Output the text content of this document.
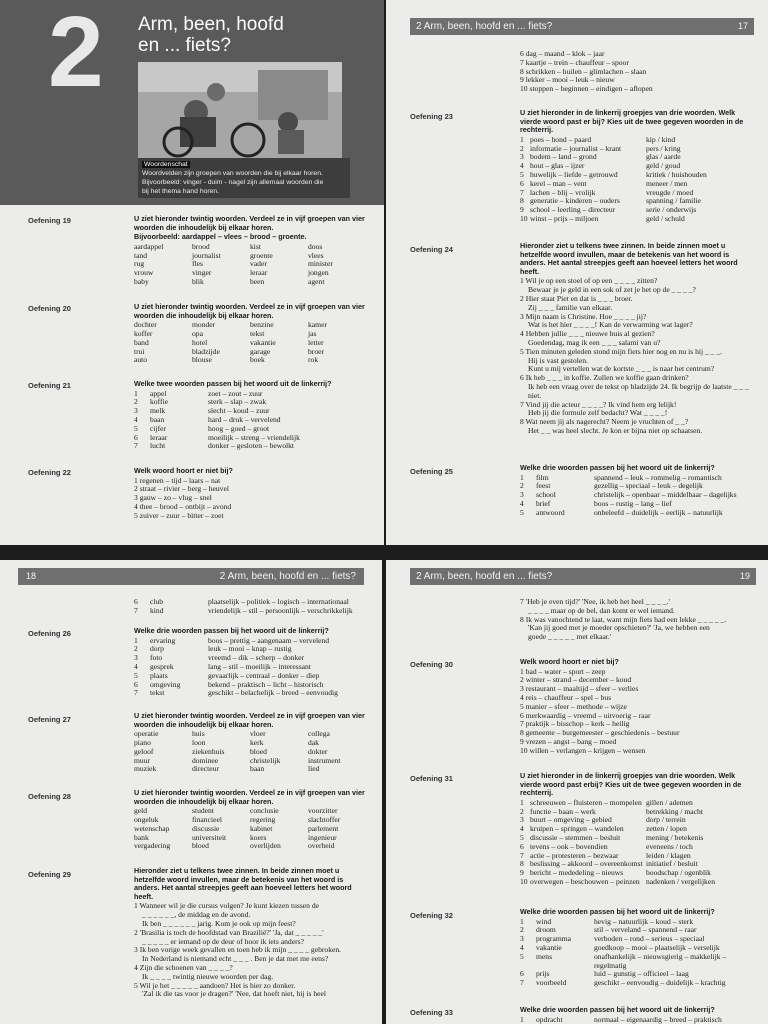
2 Arm, been, hoofd
en ... fiets?
Woordenschat
Woordvelden zijn groepen van woorden die bij elkaar horen.
Bijvoorbeeld: vinger - duim - nagel zijn allemaal woorden die
bij het thema hand horen.
Oefening 19	U ziet hieronder twintig woorden. Verdeel ze in vijf groepen van vier woorden die inhoudelijk bij elkaar horen.
Bijvoorbeeld: aardappel – vlees – brood – groente.
aardappel	brood	kist	doos
tand	journalist	groente	vlees
rug	fles	vader	minister
vrouw	vinger	leraar	jongen
baby	blik	been	agent
Oefening 20	U ziet hieronder twintig woorden. Verdeel ze in vijf groepen van vier woorden die inhoudelijk bij elkaar horen.
dochter	monder	benzine	kamer
koffer	opa	tekst	jas
band	hotel	vakantie	letter
trui	bladzijde	garage	broer
auto	blouse	boek	rok
Oefening 21	Welke twee woorden passen bij het woord uit de linkerrij?
1	appel	zoet – zout – zuur
2	koffie	sterk – slap – zwak
3	melk	slecht – koud – zuur
4	baan	hard – druk – vervelend
5	cijfer	hoog – goed – groot
6	leraar	moeilijk – streng – vriendelijk
7	lucht	donker – gesloten – bewolkt
Oefening 22	Welk woord hoort er niet bij?
1 regenen – tijd – laars – nat
2 straat – rivier – berg – heuvel
3 gauw – zo – vlug – snel
4 thee – brood – ontbijt – avond
5 zuiver – zuur – bitter – zoet
2 Arm, been, hoofd en ... fiets?	17
6 dag – maand – klok – jaar
7 kaartje – trein – chauffeur – spoor
8 schrikken – huilen – glimlachen – slaan
9 lekker – mooi – leuk – nieuw
10 stoppen – beginnen – eindigen – aflopen
Oefening 23	U ziet hieronder in de linkerrij groepjes van drie woorden. Welk vierde woord past er bij? Kies uit de twee gegeven woorden in de rechterrij.
1 poes – hond – paard	kip / kind
2 informatie – journalist – krant	pers / kring
3 bodem – land – grond	glas / aarde
4 hout – glas – ijzer	geld / goud
5 huwelijk – liefde – getrouwd	kritiek / huishouden
6 kerel – man – vent	meneer / men
7 lachen – blij – vrolijk	vreugde / moed
8 generatie – kinderen – ouders	spanning / familie
9 school – leerling – directeur	serie / onderwijs
10 winst – prijs – miljoen	geld / schuld
Oefening 24	Hieronder ziet u telkens twee zinnen. In beide zinnen moet u hetzelfde woord invullen, maar de betekenis van het woord is anders. Het aantal streepjes geeft aan hoeveel letters het woord heeft.
1 Wil je op een stoel of op een _ _ _ _ zitten?
Bewaar je je geld in een sok of zet je het op de _ _ _ _?
2 Hier staat Piet en dat is _ _ _ broer.
Zij _ _ _ familie van elkaar.
3 Mijn naam is Christine. Hoe _ _ _ _ jij?
Wat is het hier _ _ _ _! Kan de verwarming wat lager?
4 Hebben jullie _ _ _ nieuwe huis al gezien?
Goedendag, mag ik een _ _ _ salami van u?
5 Tien minuten geleden stond mijn fiets hier nog en nu is hij _ _ _.
Hij is vast gestolen.
Kunt u mij vertellen wat de kortste _ _ _ is naar het centrum?
6 Ik heb _ _ _ in koffie. Zullen we koffie gaan drinken?
Ik heb een vraag over de tekst op bladzijde 24. Ik begrijp de laatste _ _ _ niet.
7 Vind jij die acteur _ _ _ _? Ik vind hem erg lelijk!
Heb jij die formule zelf bedacht? Wat _ _ _ _!
8 Wat neem jij als nagerecht? Neem je vruchten of _ _?
Het _ _ was heel slecht. Je kon er bijna niet op schaatsen.
Oefening 25	Welke drie woorden passen bij het woord uit de linkerrij?
1	film	spannend – leuk – rommelig – romantisch
2	feest	gezellig – speciaal – leuk – degelijk
3	school	christelijk – openbaar – middelbaar – dagelijks
4	brief	boos – rustig – lang – lief
5	antwoord	onbeleefd – duidelijk – eerlijk – natuurlijk
18	2 Arm, been, hoofd en ... fiets?
6	club	plaatselijk – politiek – logisch – internationaal
7	kind	vriendelijk – stil – persoonlijk – verschrikkelijk
Oefening 26	Welke drie woorden passen bij het woord uit de linkerrij?
1	ervaring	boos – prettig – aangenaam – vervelend
2	dorp	leuk – mooi – knap – rustig
3	foto	vreemd – dik – scherp – donker
4	gesprek	lang – stil – moeilijk – interessant
5	plaats	gevaarlijk – centraal – donker – diep
6	omgeving	bekend – praktisch – licht – historisch
7	tekst	geschikt – belachelijk – breed – eenvoudig
Oefening 27	U ziet hieronder twintig woorden. Verdeel ze in vijf groepen van vier woorden die inhoudelijk bij elkaar horen.
operatie	huis	vloer	collega
piano	loon	kerk	dak
geloof	ziekenhuis	bloed	dokter
muur	dominee	christelijk	instrument
muziek	directeur	baan	lied
Oefening 28	U ziet hieronder twintig woorden. Verdeel ze in vijf groepen van vier woorden die inhoudelijk bij elkaar horen.
geld	student	conclusie	voorzitter
ongeluk	financieel	regering	slachtoffer
wetenschap	discussie	kabinet	parlement
bank	universiteit	koers	ingenieur
vergadering	bloed	overlijden	overheid
Oefening 29	Hieronder ziet u telkens twee zinnen. In beide zinnen moet u hetzelfde woord invullen, maar de betekenis van het woord is anders. Het aantal streepjes geeft aan hoeveel letters het woord heeft.
1 Wanneer wil je die cursus volgen? Je kunt kiezen tussen de
_ _ _ _ _ _, de middag en de avond.
Ik ben _ _ _ _ _ _ jarig. Kom je ook op mijn feest?
2 'Brasilia is toch de hoofdstad van Brazilië?' 'Ja, dat _ _ _ _ _'
_ _ _ _ _ er iemand op de deur of hoor ik iets anders?
3 Ik ben vorige week gevallen en toen heb ik mijn _ _ _ _ gebroken.
In Nederland is niemand echt _ _ _ . Ben je dat met me eens?
4 Zijn die schoenen van _ _ _ _?
Ik _ _ _ _ twintig nieuwe woorden per dag.
5 Wil je het _ _ _ _ _ aandoen? Het is hier zo donker.
'Zal ik die tas voor je dragen?' 'Nee, dat hoeft niet, hij is heel
2 Arm, been, hoofd en ... fiets?	19
7 'Heb je even tijd?' 'Nee, ik heb het heel _ _ _ _.'
_ _ _ _ maar op de bel, dan komt er wel iemand.
8 Ik was vanochtend te laat, want mijn fiets had een lekke _ _ _ _ _.
'Kan jij goed met je moeder opschieten?' 'Ja, we hebben een
goede _ _ _ _ _ met elkaar.'
Oefening 30	Welk woord hoort er niet bij?
1 bad – water – sport – zeep
2 winter – strand – december – koud
3 restaurant – maaltijd – sfeer – verlies
4 reis – chauffeur – spel – bus
5 manier – sfeer – methode – wijze
6 merkwaardig – vreemd – uitvoerig – raar
7 praktijk – bisschop – kerk – heilig
8 gemeente – burgemeester – geschiedenis – bestuur
9 vrezen – angst – bang – moed
10 willen – verlangen – krijgen – wensen
Oefening 31	U ziet hieronder in de linkerrij groepjes van drie woorden. Welk vierde woord past erbij? Kies uit de twee gegeven woorden in de rechterrij.
1 schreeuwen – fluisteren – mompelen gillen / ademen
2 functie – baan – werk	betrekking / macht
3 buurt – omgeving – gebied	dorp / terrein
4 kruipen – springen – wandelen	zetten / lopen
5 discussie – stemmen – besluit	mening / betekenis
6 tevens – ook – bovendien	eveneens / toch
7 actie – protesteren – bezwaar	leiden / klagen
8 beslissing – akkoord – overeenkomst initiatief / besluit
9 bericht – mededeling – nieuws	boodschap / ogenblik
10 overwegen – beschouwen – peinzen nadenken / vergelijken
Oefening 32	Welke drie woorden passen bij het woord uit de linkerrij?
1	wind	hevig – natuurlijk – koud – sterk
2	droom	stil – verveland – spannend – raar
3	programma	verboden – rond – serieus – speciaal
4	vakantie	goedkoop – mooi – plaatselijk – verselijk
5	mens	onafhankelijk – nieuwsgierig – makkelijk – regelmatig
6	prijs	luid – gunstig – officieel – laag
7	voorbeeld	geschikt – eenvoudig – duidelijk – krachtig
Oefening 33	Welke drie woorden passen bij het woord uit de linkerrij?
1	opdracht	normaal – eigenaardig – breed – praktisch
